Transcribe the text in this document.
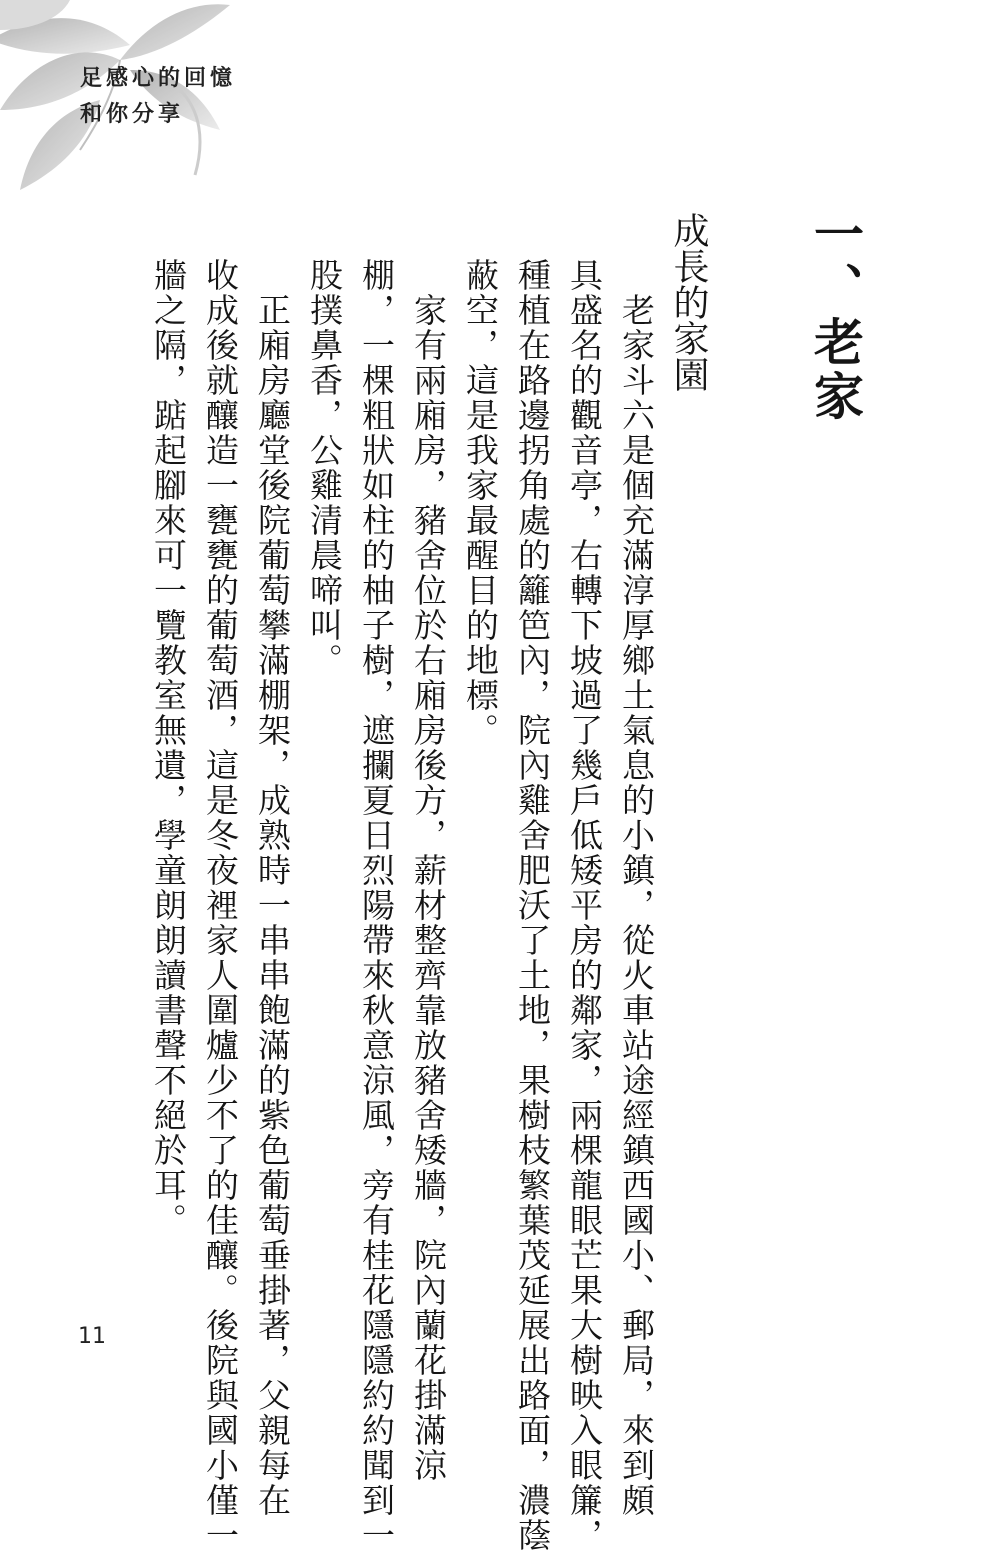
足感心的回憶
和你分享
一、老家
成長的家園
　老家斗六是個充滿淳厚鄉土氣息的小鎮，從火車站途經鎮西國小、郵局，來到頗
具盛名的觀音亭，右轉下坡過了幾戶低矮平房的鄰家，兩棵龍眼芒果大樹映入眼簾，
種植在路邊拐角處的籬笆內，院內雞舍肥沃了土地，果樹枝繁葉茂延展出路面，濃蔭
蔽空，這是我家最醒目的地標。
　家有兩廂房，豬舍位於右廂房後方，薪材整齊靠放豬舍矮牆，院內蘭花掛滿涼
棚，一棵粗狀如柱的柚子樹，遮攔夏日烈陽帶來秋意涼風，旁有桂花隱隱約約聞到一
股撲鼻香，公雞清晨啼叫。
　正廂房廳堂後院葡萄攀滿棚架，成熟時一串串飽滿的紫色葡萄垂掛著，父親每在
收成後就釀造一甕甕的葡萄酒，這是冬夜裡家人圍爐少不了的佳釀。後院與國小僅一
牆之隔，踮起腳來可一覽教室無遺，學童朗朗讀書聲不絕於耳。
11
